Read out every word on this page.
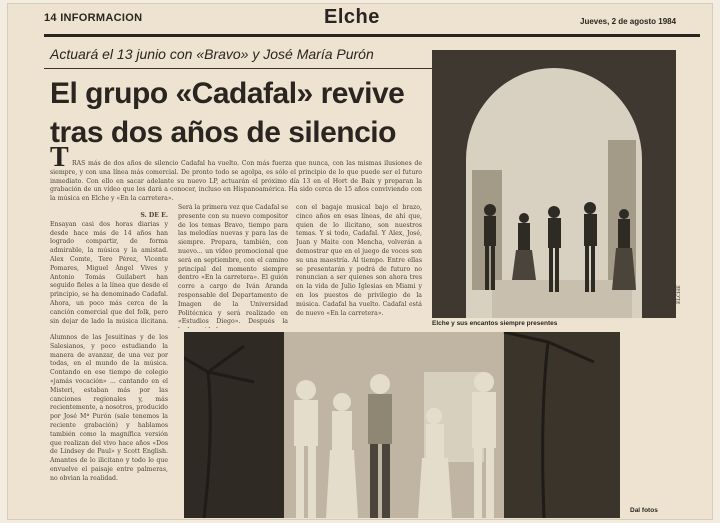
14 INFORMACION	Elche	Jueves, 2 de agosto 1984
Actuará el 13 junio con «Bravo» y José María Purón
El grupo «Cadafal» revive
tras dos años de silencio
T RAS más de dos años de silencio Cadafal ha vuelto. Con más fuerza que nunca, con las mismas ilusiones de siempre, y con una línea más comercial. De pronto todo se agolpa, es sólo el principio de lo que puede ser el futuro inmediato. Con ello en sacar adelante su nuevo LP, actuarán el próximo día 13 en el Hort de Baix y preparan la grabación de un vídeo que les dará a conocer, incluso en Hispanoamérica. Ha sido cerca de 15 años conviviendo con la música en Elche y «En la carretera».
S. DE E.
Ensayan casi dos horas diarias y desde hace más de 14 años han logrado compartir, de forma admirable, la música y la amistad. Alex Comte, Tere Pérez, Vicente Pomares, Miguel Ángel Vives y Antonio Tomás Guilabert han seguido fieles a la línea que desde el principio, se ha denominado Cadafal. Ahora, un poco más cerca de la canción comercial que del folk, pero sin dejar de lado la música ilicitana.
Será la primera vez que Cadafal se presente con su nuevo compositor de los temas Bravo, tiempo para las melodías nuevas y para las de siempre. Prepara, también, con nuevo... un vídeo promocional que será en septiembre, con el camino principal del momento siempre dentro «En la carretera». El guión corre a cargo de Iván Aranda responsable del Departamento de Imagen de la Universidad Politécnica y será realizado en «Estudios Diego». Después la
con el bagaje musical bajo el brazo, cinco años en esas líneas, de ahí que, quien de lo ilicitano, son nuestros temas. Y si todo, Cadafal. Y Alex, José, Juan y Maite con Mencha, volverán a demostrar que en el juego de voces son su una maestría. Al tiempo. Entre ellas se presentarán y podrá de futuro no renuncian a ser quienes son ahora tres en la vida de Julio Iglesias en Miami y en los puestos de privilegio de la música. Cadafal ha vuelto. Cadafal está de nuevo «En la carretera».
Alumnos de las Jesuitinas y de los Salesianos, y poco estudiando la manera de avanzar, de una vez por todas, en el mundo de la música. Contando en ese tiempo de colegio «jamás vocación» ... cantando en el Misteri, estaban más por las canciones regionales y, más recientemente, a nosotros, producido por José Mª Purón (sale tenemos la reciente grabación) y hablamos también como la magnífica versión que realizan del vivo hace años «Dos de Lindsey de Paul» y Scott English. Amantes de lo ilicitano y todo lo que envuelve el paisaje entre palmeras, no obvian la realidad.
Elche y sus encantos siempre presentes
ELCHE
Dal fotos
